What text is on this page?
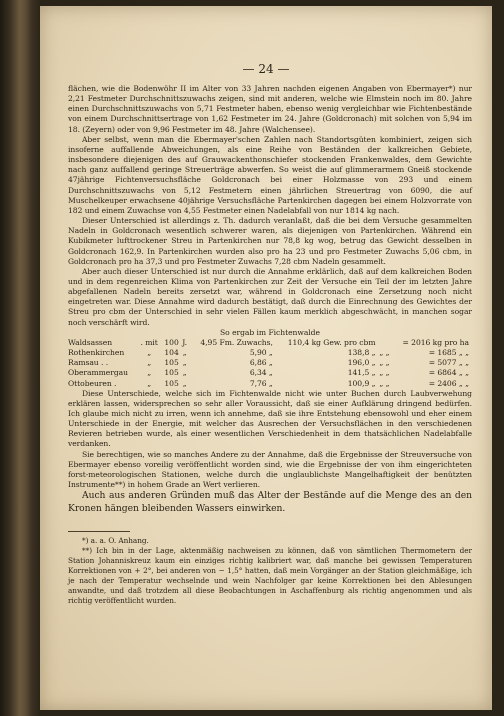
— 24 —

flächen, wie die Bodenwöhr II im Alter von 33 Jahren nachden eigenen Angaben von Ebermayer*) nur 2,21 Festmeter Durchschnittszuwachs zeigen, sind mit anderen, welche wie Elmstein noch im 80. Jahre einen Durchschnittszuwachs von 5,71 Festmeter haben, ebenso wenig vergleichbar wie Fichtenbestände von einem Durchschnittsertrage von 1,62 Festmeter im 24. Jahre (Goldcronach) mit solchen von 5,94 im 18. (Zeyern) oder von 9,96 Festmeter im 48. Jahre (Walchensee).

Aber selbst, wenn man die Ebermayer'schen Zahlen nach Standortsgüten kombiniert, zeigen sich insoferne auffallende Abweichungen, als eine Reihe von Beständen der kalkreichen Gebiete, insbesondere diejenigen des auf Grauwackenthonschiefer stockenden Frankenwaldes, dem Gewichte nach ganz auffallend geringe Streuerträge abwerfen. So weist die auf glimmerarmem Gneiß stockende 47jährige Fichtenversuchsfläche Goldcronach bei einer Holzmasse von 293 und einem Durchschnittszuwachs von 5,12 Festmetern einen jährlichen Streuertrag von 6090, die auf Muschelkeuper erwachsene 40jährige Versuchsfläche Partenkirchen dagegen bei einem Holzvorrate von 182 und einem Zuwachse von 4,55 Festmeter einen Nadelabfall von nur 1814 kg nach.

Dieser Unterschied ist allerdings z. Th. dadurch veranlaßt, daß die bei dem Versuche gesammelten Nadeln in Goldcronach wesentlich schwerer waren, als diejenigen von Partenkirchen. Während ein Kubikmeter lufttrockener Streu in Partenkirchen nur 78,8 kg wog, betrug das Gewicht desselben in Goldcronach 162,9. In Partenkirchen wurden also pro ha 23 und pro Festmeter Zuwachs 5,06 cbm, in Goldcronach pro ha 37,3 und pro Festmeter Zuwachs 7,28 cbm Nadeln gesammelt.

Aber auch dieser Unterschied ist nur durch die Annahme erklärlich, daß auf dem kalkreichen Boden und in dem regenreichen Klima von Partenkirchen zur Zeit der Versuche ein Teil der im letzten Jahre abgefallenen Nadeln bereits zersetzt war, während in Goldcronach eine Zersetzung noch nicht eingetreten war. Diese Annahme wird dadurch bestätigt, daß durch die Einrechnung des Gewichtes der Streu pro cbm der Unterschied in sehr vielen Fällen kaum merklich abgeschwächt, in manchen sogar noch verschärft wird.

So ergab im Fichtenwalde

Waldsassen	. mit	100	J.	4,95 Fm. Zuwachs,	110,4 kg Gew. pro cbm		= 2016 kg pro ha
Rothenkirchen	„	104	„	5,90 „	138,8 „	„ „	= 1685 „ „
Ramsau . .	„	105	„	6,86 „	196,0 „	„ „	= 5077 „ „
Oberammergau	„	105	„	6,34 „	141,5 „	„ „	= 6864 „ „
Ottobeuren .	„	105	„	7,76 „	100,9 „	„ „	= 2406 „ „

Diese Unterschiede, welche sich im Fichtenwalde nicht wie unter Buchen durch Laubverwehung erklären lassen, widersprechen so sehr aller Voraussicht, daß sie einer Aufklärung dringend bedürfen. Ich glaube mich nicht zu irren, wenn ich annehme, daß sie ihre Entstehung ebensowohl und eher einem Unterschiede in der Energie, mit welcher das Ausrechen der Versuchsflächen in den verschiedenen Revieren betrieben wurde, als einer wesentlichen Verschiedenheit in dem thatsächlichen Nadelabfalle verdanken.

Sie berechtigen, wie so manches Andere zu der Annahme, daß die Ergebnisse der Streuversuche von Ebermayer ebenso voreilig veröffentlicht worden sind, wie die Ergebnisse der von ihm eingerichteten forst-meteorologischen Stationen, welche durch die unglaublichste Mangelhaftigkeit der benützten Instrumente**) in hohem Grade an Wert verlieren.

Auch aus anderen Gründen muß das Alter der Bestände auf die Menge des an den Kronen hängen bleibenden Wassers einwirken.

*) a. a. O. Anhang.

**) Ich bin in der Lage, aktenmäßig nachweisen zu können, daß von sämtlichen Thermometern der Station Johanniskreuz kaum ein einziges richtig kalibriert war, daß manche bei gewissen Temperaturen Korrektionen von + 2°, bei anderen von − 1,5° hatten, daß mein Vorgänger an der Station gleichmäßige, ich je nach der Temperatur wechselnde und wein Nachfolger gar keine Korrektionen bei den Ablesungen anwandte, und daß trotzdem all diese Beobachtungen in Aschaffenburg als richtig angenommen und als richtig veröffentlicht wurden.
